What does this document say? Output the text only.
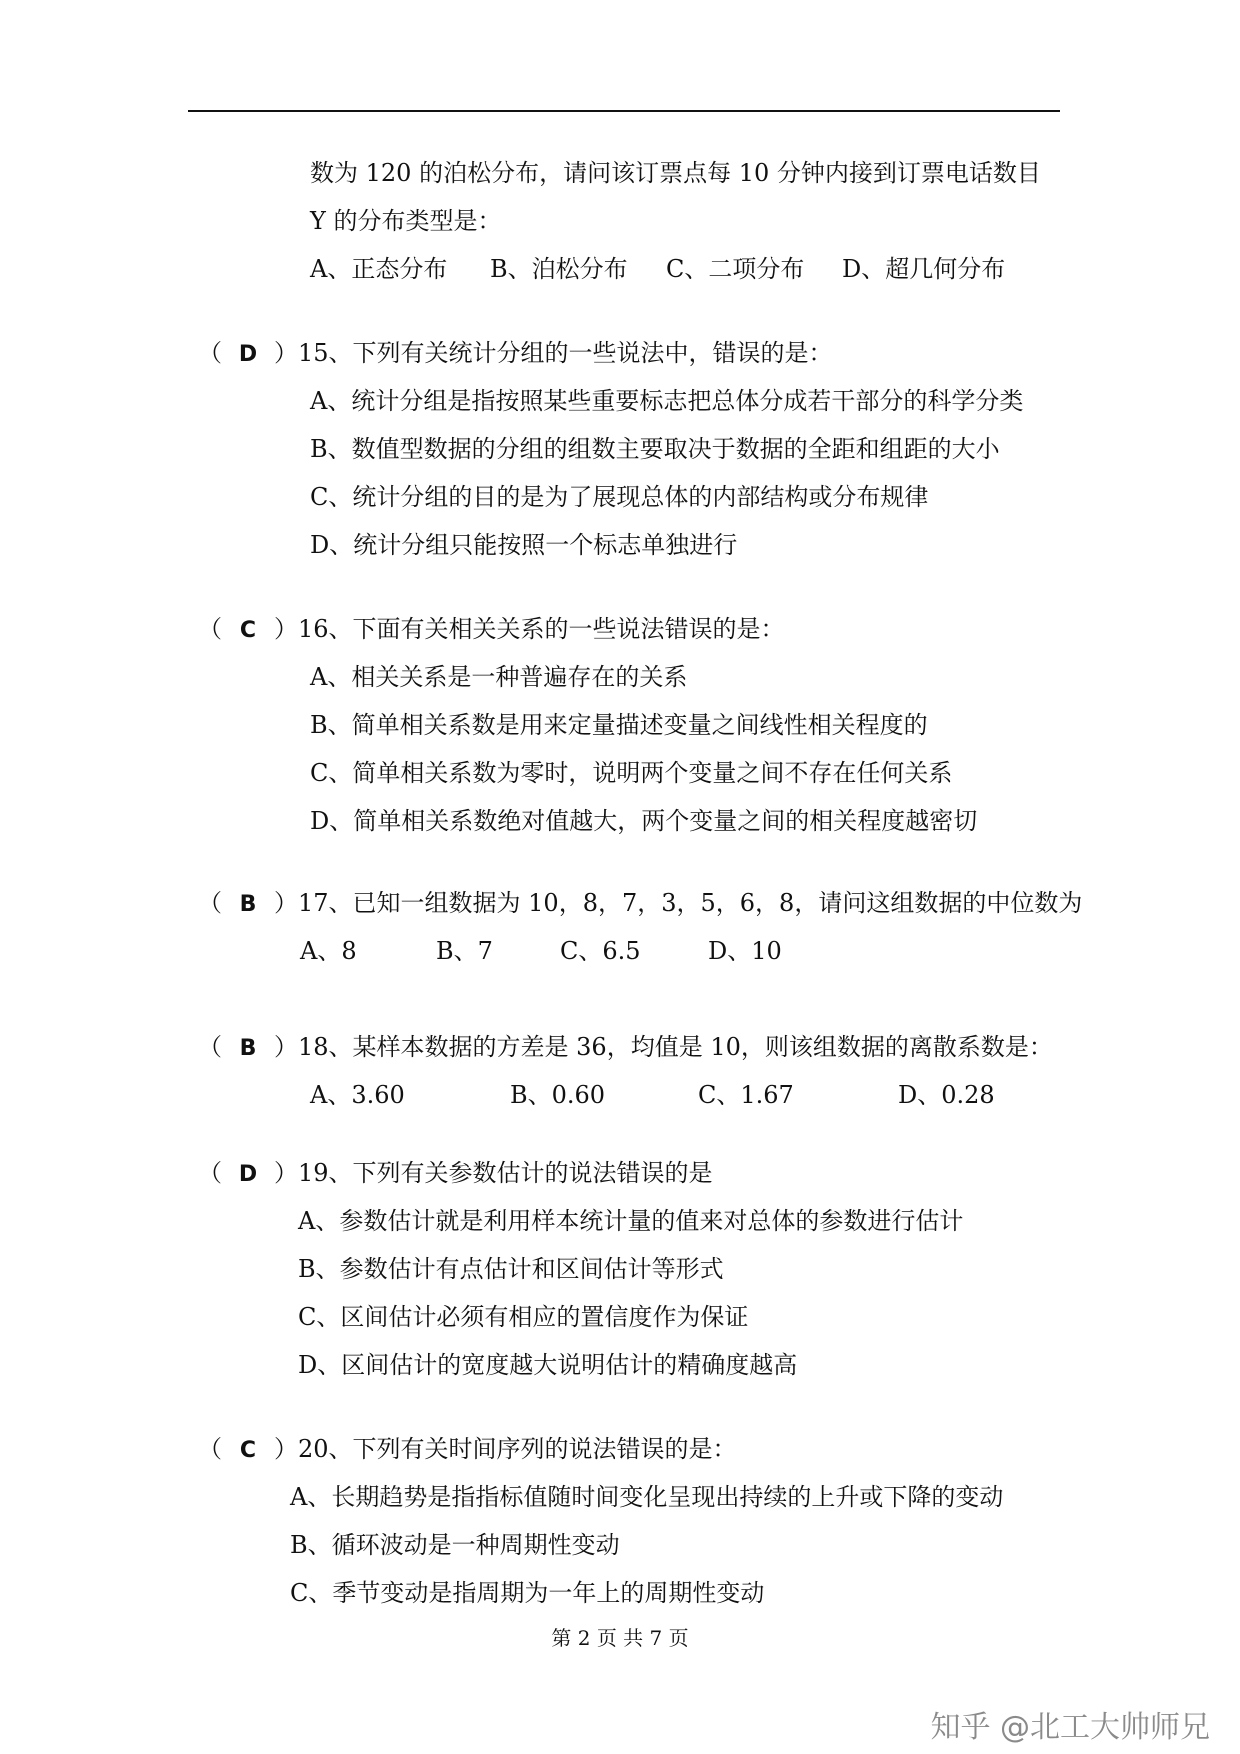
数为 120 的泊松分布，请问该订票点每 10 分钟内接到订票电话数目
Y 的分布类型是：
A、正态分布 B、泊松分布 C、二项分布 D、超几何分布
（ D ）15、下列有关统计分组的一些说法中，错误的是：
A、统计分组是指按照某些重要标志把总体分成若干部分的科学分类
B、数值型数据的分组的组数主要取决于数据的全距和组距的大小
C、统计分组的目的是为了展现总体的内部结构或分布规律
D、统计分组只能按照一个标志单独进行
（ C ）16、下面有关相关关系的一些说法错误的是：
A、相关关系是一种普遍存在的关系
B、简单相关系数是用来定量描述变量之间线性相关程度的
C、简单相关系数为零时，说明两个变量之间不存在任何关系
D、简单相关系数绝对值越大，两个变量之间的相关程度越密切
（ B ）17、已知一组数据为 10，8，7，3，5，6，8，请问这组数据的中位数为
A、8	B、7	C、6.5	D、10
（ B ）18、某样本数据的方差是 36，均值是 10，则该组数据的离散系数是：
A、3.60	B、0.60	C、1.67	D、0.28
（ D ）19、下列有关参数估计的说法错误的是
A、参数估计就是利用样本统计量的值来对总体的参数进行估计
B、参数估计有点估计和区间估计等形式
C、区间估计必须有相应的置信度作为保证
D、区间估计的宽度越大说明估计的精确度越高
（ C ）20、下列有关时间序列的说法错误的是：
A、长期趋势是指指标值随时间变化呈现出持续的上升或下降的变动
B、循环波动是一种周期性变动
C、季节变动是指周期为一年上的周期性变动
第 2 页 共 7 页
知乎 @北工大帅师兄
